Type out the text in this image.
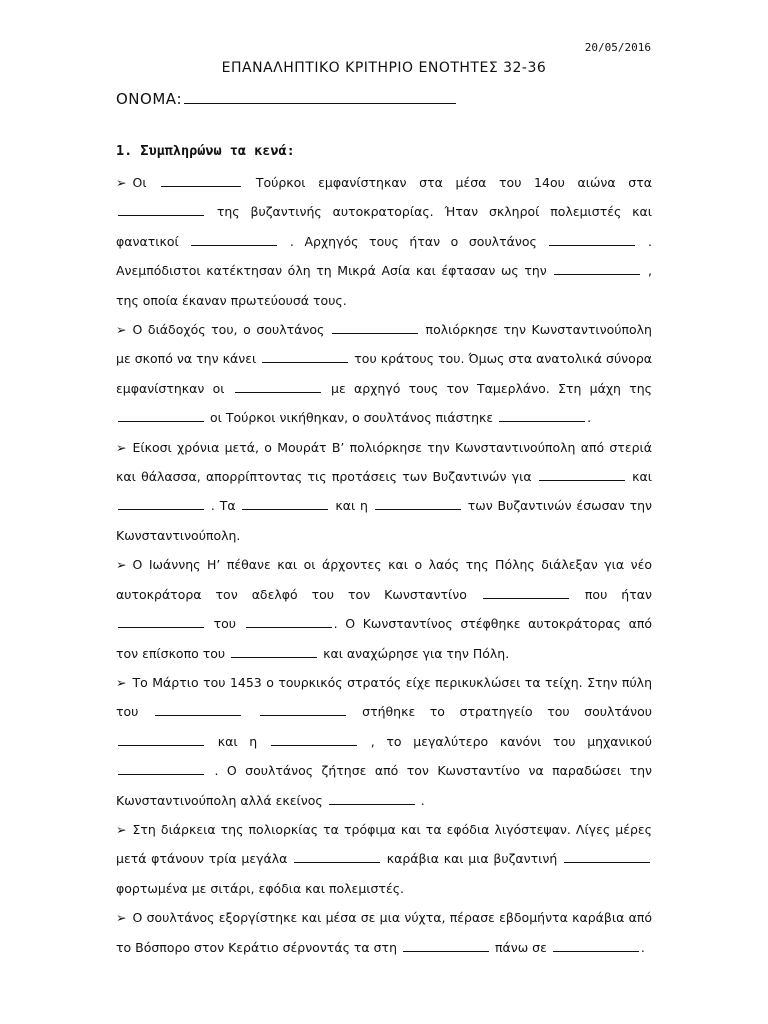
20/05/2016
ΕΠΑΝΑΛΗΠΤΙΚΟ ΚΡΙΤΗΡΙΟ ΕΝΟΤΗΤΕΣ 32-36
ΟΝΟΜΑ:
1. Συμπληρώνω τα κενά:

➢ Οι	Τούρκοι εμφανίστηκαν στα μέσα του 14ου αιώνα στα  της βυζαντινής αυτοκρατορίας. Ήταν σκληροί πολεμιστές και φανατικοί	. Αρχηγός τους ήταν ο σουλτάνος	. Ανεμπόδιστοι κατέκτησαν όλη τη Μικρά Ασία και έφτασαν ως την	, της οποία έκαναν πρωτεύουσά τους.

➢ Ο διάδοχός του, ο σουλτάνος	πολιόρκησε την Κωνσταντινούπολη με σκοπό να την κάνει	του κράτους του. Όμως στα ανατολικά σύνορα εμφανίστηκαν οι	με αρχηγό τους τον Ταμερλάνο. Στη μάχη της  οι Τούρκοι νικήθηκαν, ο σουλτάνος πιάστηκε	.

➢ Είκοσι χρόνια μετά, ο Μουράτ Β’ πολιόρκησε την Κωνσταντινούπολη από στεριά και θάλασσα, απορρίπτοντας τις προτάσεις των Βυζαντινών για	και  . Τα	και η	των Βυζαντινών έσωσαν την Κωνσταντινούπολη.

➢ Ο Ιωάννης Η’ πέθανε και οι άρχοντες και ο λαός της Πόλης διάλεξαν για νέο αυτοκράτορα τον αδελφό του τον Κωνσταντίνο	που ήταν  του	. Ο Κωνσταντίνος στέφθηκε αυτοκράτορας από τον επίσκοπο του	και αναχώρησε για την Πόλη.

➢ Το Μάρτιο του 1453 ο τουρκικός στρατός είχε περικυκλώσει τα τείχη. Στην πύλη του	στήθηκε το στρατηγείο του σουλτάνου  και η	, το μεγαλύτερο κανόνι του μηχανικού  . Ο σουλτάνος ζήτησε από τον Κωνσταντίνο να παραδώσει την Κωνσταντινούπολη αλλά εκείνος	.

➢ Στη διάρκεια της πολιορκίας τα τρόφιμα και τα εφόδια λιγόστεψαν. Λίγες μέρες μετά φτάνουν τρία μεγάλα	καράβια και μια βυζαντινή  φορτωμένα με σιτάρι, εφόδια και πολεμιστές.

➢ Ο σουλτάνος εξοργίστηκε και μέσα σε μια νύχτα, πέρασε εβδομήντα καράβια από το Βόσπορο στον Κεράτιο σέρνοντάς τα στη	πάνω σε	.
